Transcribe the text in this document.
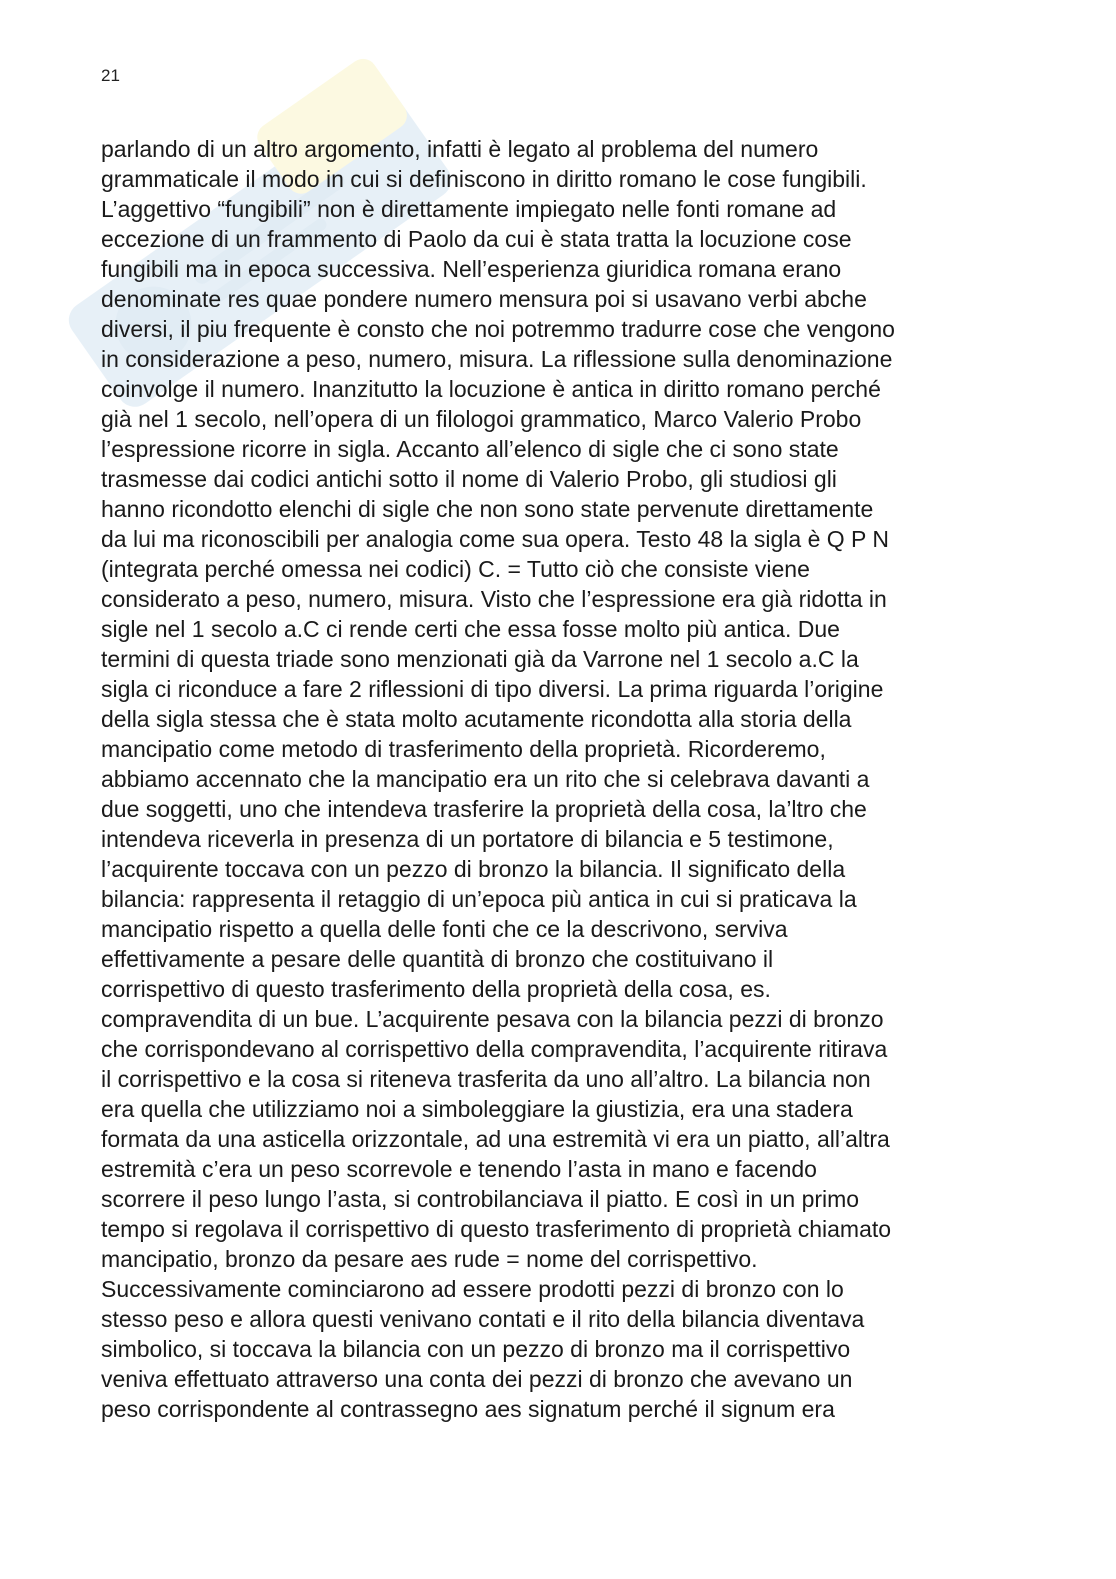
21
parlando di un altro argomento, infatti è legato al problema del numero
grammaticale il modo in cui si definiscono in diritto romano le cose fungibili.
L’aggettivo “fungibili” non è direttamente impiegato nelle fonti romane ad
eccezione di un frammento di Paolo da cui è stata tratta la locuzione cose
fungibili ma in epoca successiva. Nell’esperienza giuridica romana erano
denominate res quae pondere numero mensura poi si usavano verbi abche
diversi, il piu frequente è consto che noi potremmo tradurre cose che vengono
in considerazione a peso, numero, misura. La riflessione sulla denominazione
coinvolge il numero. Inanzitutto la locuzione è antica in diritto romano perché
già nel 1 secolo, nell’opera di un filologoi grammatico, Marco Valerio Probo
l’espressione ricorre in sigla. Accanto all’elenco di sigle che ci sono state
trasmesse dai codici antichi sotto il nome di Valerio Probo, gli studiosi gli
hanno ricondotto elenchi di sigle che non sono state pervenute direttamente
da lui ma riconoscibili per analogia come sua opera. Testo 48 la sigla è Q P N
(integrata perché omessa nei codici) C. = Tutto ciò che consiste viene
considerato a peso, numero, misura. Visto che l’espressione era già ridotta in
sigle nel 1 secolo a.C ci rende certi che essa fosse molto più antica. Due
termini di questa triade sono menzionati già da Varrone nel 1 secolo a.C la
sigla ci riconduce a fare 2 riflessioni di tipo diversi. La prima riguarda l’origine
della sigla stessa che è stata molto acutamente ricondotta alla storia della
mancipatio come metodo di trasferimento della proprietà. Ricorderemo,
abbiamo accennato che la mancipatio era un rito che si celebrava davanti a
due soggetti, uno che intendeva trasferire la proprietà della cosa, la’ltro che
intendeva riceverla in presenza di un portatore di bilancia e 5 testimone,
l’acquirente toccava con un pezzo di bronzo la bilancia. Il significato della
bilancia: rappresenta il retaggio di un’epoca più antica in cui si praticava la
mancipatio rispetto a quella delle fonti che ce la descrivono, serviva
effettivamente a pesare delle quantità di bronzo che costituivano il
corrispettivo di questo trasferimento della proprietà della cosa, es.
compravendita di un bue. L’acquirente pesava con la bilancia pezzi di bronzo
che corrispondevano al corrispettivo della compravendita, l’acquirente ritirava
il corrispettivo e la cosa si riteneva trasferita da uno all’altro. La bilancia non
era quella che utilizziamo noi a simboleggiare la giustizia, era una stadera
formata da una asticella orizzontale, ad una estremità vi era un piatto, all’altra
estremità c’era un peso scorrevole e tenendo l’asta in mano e facendo
scorrere il peso lungo l’asta, si controbilanciava il piatto. E così in un primo
tempo si regolava il corrispettivo di questo trasferimento di proprietà chiamato
mancipatio, bronzo da pesare aes rude = nome del corrispettivo.
Successivamente cominciarono ad essere prodotti pezzi di bronzo con lo
stesso peso e allora questi venivano contati e il rito della bilancia diventava
simbolico, si toccava la bilancia con un pezzo di bronzo ma il corrispettivo
veniva effettuato attraverso una conta dei pezzi di bronzo che avevano un
peso corrispondente al contrassegno aes signatum perché il signum era
